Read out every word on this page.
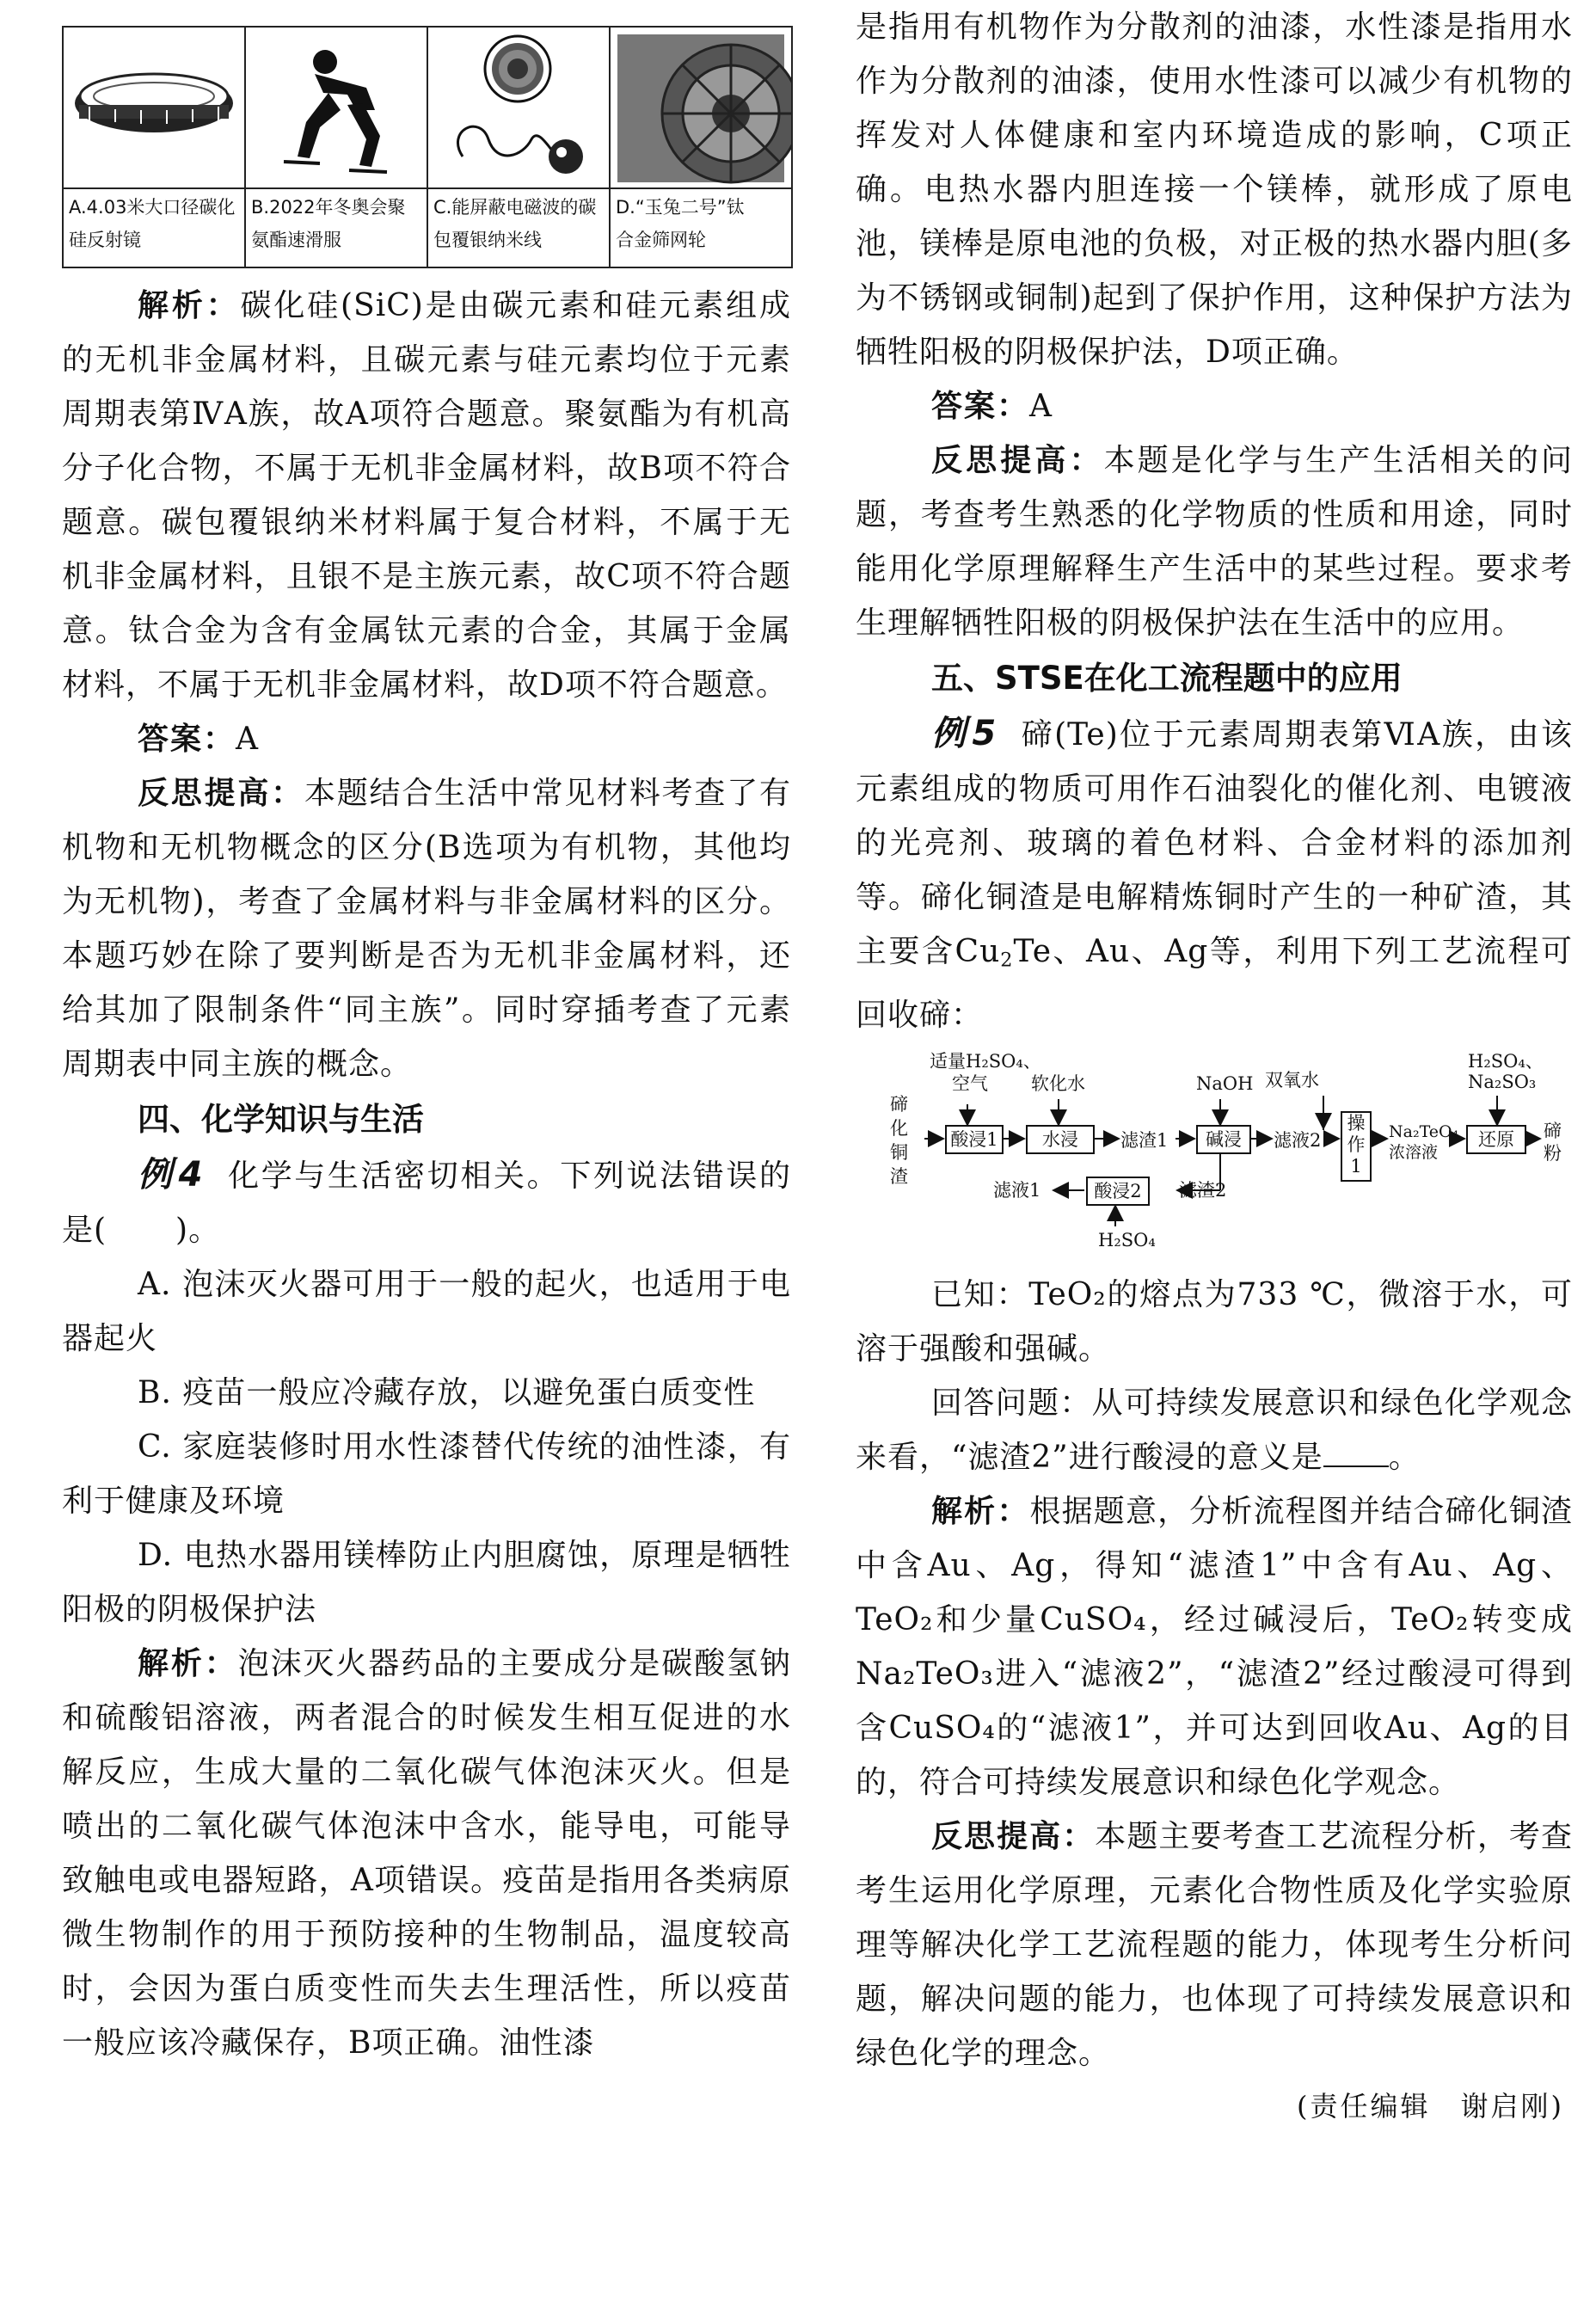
A.4.03米大口径碳化
硅反射镜
B.2022年冬奥会聚
氨酯速滑服
C.能屏蔽电磁波的碳
包覆银纳米线
D.“玉兔二号”钛
合金筛网轮

解析：碳化硅(SiC)是由碳元素和硅元素组成的无机非金属材料，且碳元素与硅元素均位于元素周期表第ⅣA族，故A项符合题意。聚氨酯为有机高分子化合物，不属于无机非金属材料，故B项不符合题意。碳包覆银纳米材料属于复合材料，不属于无机非金属材料，且银不是主族元素，故C项不符合题意。钛合金为含有金属钛元素的合金，其属于金属材料，不属于无机非金属材料，故D项不符合题意。

答案：A

反思提高：本题结合生活中常见材料考查了有机物和无机物概念的区分(B选项为有机物，其他均为无机物)，考查了金属材料与非金属材料的区分。本题巧妙在除了要判断是否为无机非金属材料，还给其加了限制条件“同主族”。同时穿插考查了元素周期表中同主族的概念。

四、化学知识与生活

例4 化学与生活密切相关。下列说法错误的是( )。

A. 泡沫灭火器可用于一般的起火，也适用于电器起火

B. 疫苗一般应冷藏存放，以避免蛋白质变性

C. 家庭装修时用水性漆替代传统的油性漆，有利于健康及环境

D. 电热水器用镁棒防止内胆腐蚀，原理是牺牲阳极的阴极保护法

解析：泡沫灭火器药品的主要成分是碳酸氢钠和硫酸铝溶液，两者混合的时候发生相互促进的水解反应，生成大量的二氧化碳气体泡沫灭火。但是喷出的二氧化碳气体泡沫中含水，能导电，可能导致触电或电器短路，A项错误。疫苗是指用各类病原微生物制作的用于预防接种的生物制品，温度较高时，会因为蛋白质变性而失去生理活性，所以疫苗一般应该冷藏保存，B项正确。油性漆

是指用有机物作为分散剂的油漆，水性漆是指用水作为分散剂的油漆，使用水性漆可以减少有机物的挥发对人体健康和室内环境造成的影响，C项正确。电热水器内胆连接一个镁棒，就形成了原电池，镁棒是原电池的负极，对正极的热水器内胆(多为不锈钢或铜制)起到了保护作用，这种保护方法为牺牲阳极的阴极保护法，D项正确。

答案：A

反思提高：本题是化学与生产生活相关的问题，考查考生熟悉的化学物质的性质和用途，同时能用化学原理解释生产生活中的某些过程。要求考生理解牺牲阳极的阴极保护法在生活中的应用。

五、STSE在化工流程题中的应用

例5 碲(Te)位于元素周期表第ⅥA族，由该元素组成的物质可用作石油裂化的催化剂、电镀液的光亮剂、玻璃的着色材料、合金材料的添加剂等。碲化铜渣是电解精炼铜时产生的一种矿渣，其主要含$Cu_2Te$、Au、Ag等，利用下列工艺流程可回收碲：

碲
化
铜
渣
适量H₂SO₄、
空气 软化水	NaOH 双氧水
H₂SO₄、
Na₂SO₃
H₂SO₄
酸浸1	水浸	滤渣1	碱浸	滤液2
操
作
1
Na₂TeO₄
浓溶液
还原	碲
粉
滤液1	酸浸2	滤渣2

已知：TeO₂的熔点为733 ℃，微溶于水，可溶于强酸和强碱。

回答问题：从可持续发展意识和绿色化学观念来看，“滤渣2”进行酸浸的意义是 。

解析：根据题意，分析流程图并结合碲化铜渣中含Au、Ag，得知“滤渣1”中含有Au、Ag、TeO₂和少量CuSO₄，经过碱浸后，TeO₂转变成Na₂TeO₃进入“滤液2”，“滤渣2”经过酸浸可得到含CuSO₄的“滤液1”，并可达到回收Au、Ag的目的，符合可持续发展意识和绿色化学观念。

反思提高：本题主要考查工艺流程分析，考查考生运用化学原理，元素化合物性质及化学实验原理等解决化学工艺流程题的能力，体现考生分析问题，解决问题的能力，也体现了可持续发展意识和绿色化学的理念。

(责任编辑　谢启刚)
